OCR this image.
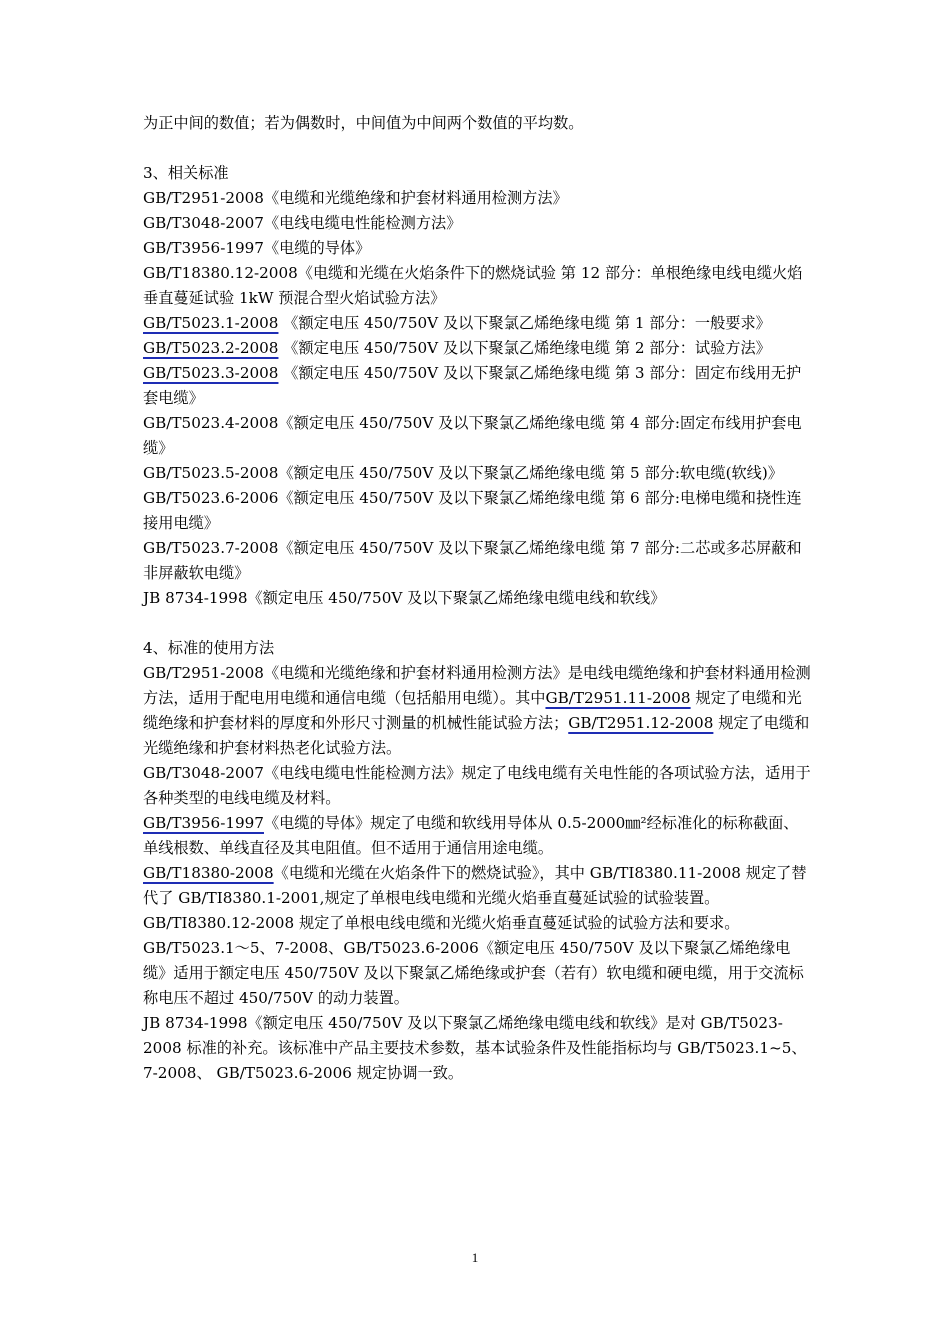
为正中间的数值；若为偶数时，中间值为中间两个数值的平均数。

3、相关标准

GB/T2951-2008《电缆和光缆绝缘和护套材料通用检测方法》

GB/T3048-2007《电线电缆电性能检测方法》

GB/T3956-1997《电缆的导体》

GB/T18380.12-2008《电缆和光缆在火焰条件下的燃烧试验 第 12 部分：单根绝缘电线电缆火焰垂直蔓延试验 1kW 预混合型火焰试验方法》

GB/T5023.1-2008 《额定电压 450/750V 及以下聚氯乙烯绝缘电缆 第 1 部分：一般要求》

GB/T5023.2-2008 《额定电压 450/750V 及以下聚氯乙烯绝缘电缆 第 2 部分：试验方法》

GB/T5023.3-2008 《额定电压 450/750V 及以下聚氯乙烯绝缘电缆 第 3 部分：固定布线用无护套电缆》

GB/T5023.4-2008《额定电压 450/750V 及以下聚氯乙烯绝缘电缆 第 4 部分:固定布线用护套电缆》

GB/T5023.5-2008《额定电压 450/750V 及以下聚氯乙烯绝缘电缆 第 5 部分:软电缆(软线)》

GB/T5023.6-2006《额定电压 450/750V 及以下聚氯乙烯绝缘电缆 第 6 部分:电梯电缆和挠性连接用电缆》

GB/T5023.7-2008《额定电压 450/750V 及以下聚氯乙烯绝缘电缆 第 7 部分:二芯或多芯屏蔽和非屏蔽软电缆》

JB 8734-1998《额定电压 450/750V 及以下聚氯乙烯绝缘电缆电线和软线》

4、标准的使用方法

GB/T2951-2008《电缆和光缆绝缘和护套材料通用检测方法》是电线电缆绝缘和护套材料通用检测方法，适用于配电用电缆和通信电缆（包括船用电缆）。其中GB/T2951.11-2008 规定了电缆和光缆绝缘和护套材料的厚度和外形尺寸测量的机械性能试验方法；GB/T2951.12-2008 规定了电缆和光缆绝缘和护套材料热老化试验方法。

GB/T3048-2007《电线电缆电性能检测方法》规定了电线电缆有关电性能的各项试验方法，适用于各种类型的电线电缆及材料。

GB/T3956-1997《电缆的导体》规定了电缆和软线用导体从 0.5-2000㎜²经标准化的标称截面、单线根数、单线直径及其电阻值。但不适用于通信用途电缆。

GB/T18380-2008《电缆和光缆在火焰条件下的燃烧试验》，其中 GB/TI8380.11-2008 规定了替代了 GB/TI8380.1-2001,规定了单根电线电缆和光缆火焰垂直蔓延试验的试验装置。GB/TI8380.12-2008 规定了单根电线电缆和光缆火焰垂直蔓延试验的试验方法和要求。

GB/T5023.1～5、7-2008、GB/T5023.6-2006《额定电压 450/750V 及以下聚氯乙烯绝缘电缆》适用于额定电压 450/750V 及以下聚氯乙烯绝缘或护套（若有）软电缆和硬电缆，用于交流标称电压不超过 450/750V 的动力装置。

JB 8734-1998《额定电压 450/750V 及以下聚氯乙烯绝缘电缆电线和软线》是对 GB/T5023-2008 标准的补充。该标准中产品主要技术参数，基本试验条件及性能指标均与 GB/T5023.1~5、7-2008、 GB/T5023.6-2006 规定协调一致。

1
